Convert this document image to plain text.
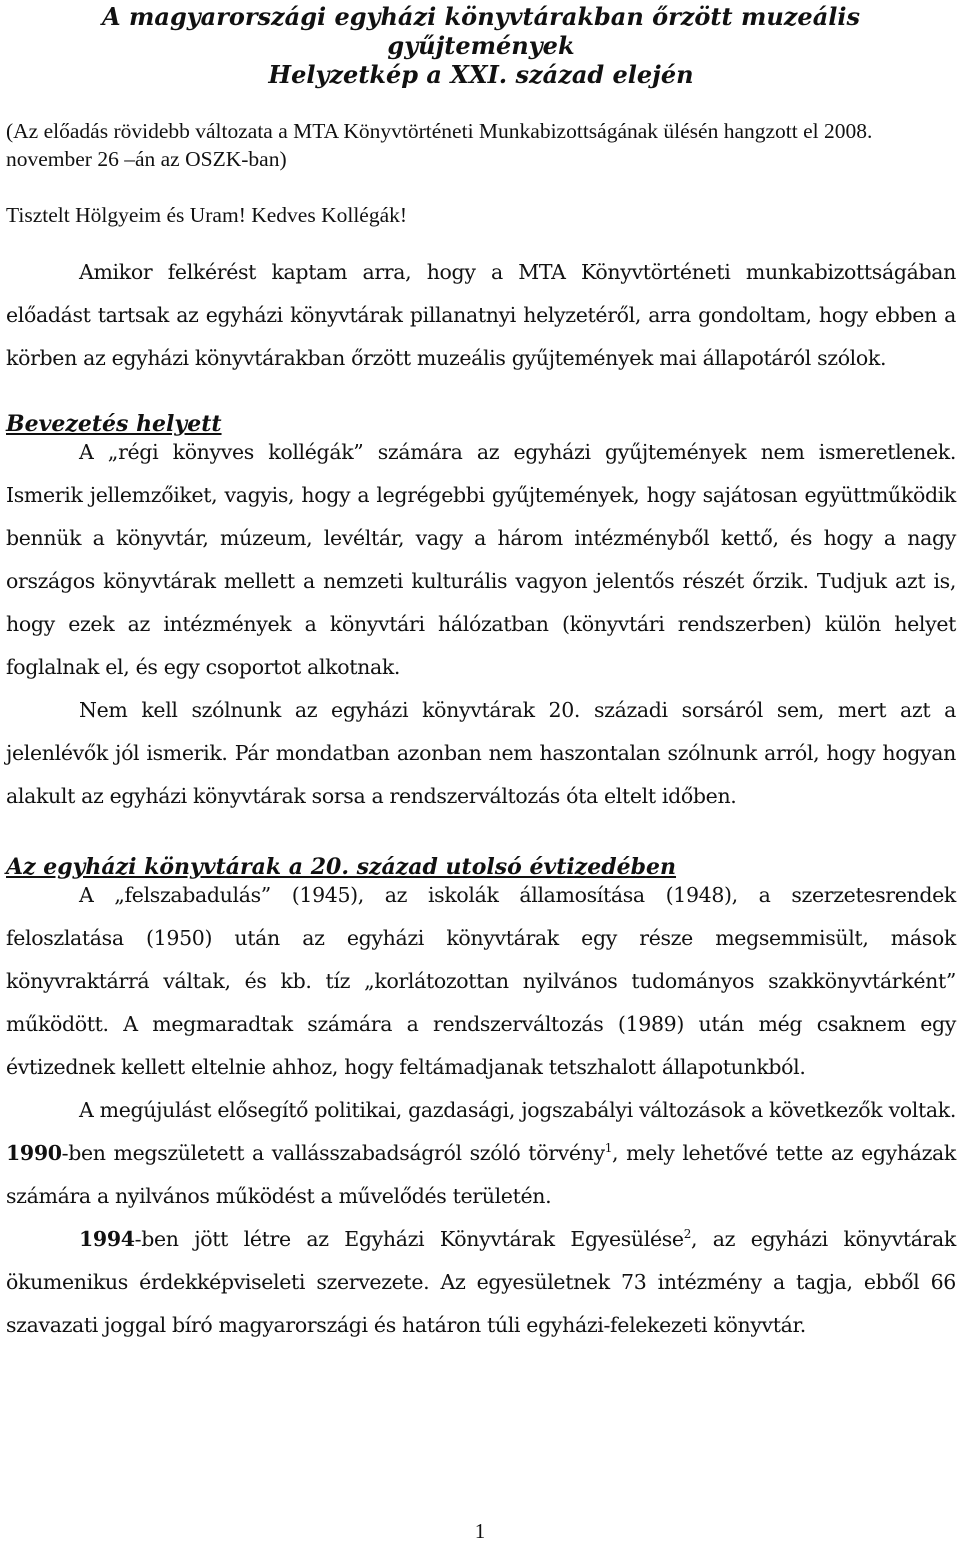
A magyarországi egyházi könyvtárakban őrzött muzeális
gyűjtemények
Helyzetkép a XXI. század elején

(Az előadás rövidebb változata a MTA Könyvtörténeti Munkabizottságának ülésén hangzott el 2008. november 26 –án az OSZK-ban)

Tisztelt Hölgyeim és Uram! Kedves Kollégák!

Amikor felkérést kaptam arra, hogy a MTA Könyvtörténeti munkabizottságában előadást tartsak az egyházi könyvtárak pillanatnyi helyzetéről, arra gondoltam, hogy ebben a körben az egyházi könyvtárakban őrzött muzeális gyűjtemények mai állapotáról szólok.

Bevezetés helyett

A „régi könyves kollégák” számára az egyházi gyűjtemények nem ismeretlenek. Ismerik jellemzőiket, vagyis, hogy a legrégebbi gyűjtemények, hogy sajátosan együttműködik bennük a könyvtár, múzeum, levéltár, vagy a három intézményből kettő, és hogy a nagy országos könyvtárak mellett a nemzeti kulturális vagyon jelentős részét őrzik. Tudjuk azt is, hogy ezek az intézmények a könyvtári hálózatban (könyvtári rendszerben) külön helyet foglalnak el, és egy csoportot alkotnak.

Nem kell szólnunk az egyházi könyvtárak 20. századi sorsáról sem, mert azt a jelenlévők jól ismerik. Pár mondatban azonban nem haszontalan szólnunk arról, hogy hogyan alakult az egyházi könyvtárak sorsa a rendszerváltozás óta eltelt időben.

Az egyházi könyvtárak a 20. század utolsó évtizedében

A „felszabadulás” (1945), az iskolák államosítása (1948), a szerzetesrendek feloszlatása (1950) után az egyházi könyvtárak egy része megsemmisült, mások könyvraktárrá váltak, és kb. tíz „korlátozottan nyilvános tudományos szakkönyvtárként” működött. A megmaradtak számára a rendszerváltozás (1989) után még csaknem egy évtizednek kellett eltelnie ahhoz, hogy feltámadjanak tetszhalott állapotunkból.

A megújulást elősegítő politikai, gazdasági, jogszabályi változások a következők voltak. 1990-ben megszületett a vallásszabadságról szóló törvény$^1$, mely lehetővé tette az egyházak számára a nyilvános működést a művelődés területén.

1994-ben jött létre az Egyházi Könyvtárak Egyesülése$^2$, az egyházi könyvtárak ökumenikus érdekképviseleti szervezete. Az egyesületnek 73 intézmény a tagja, ebből 66 szavazati joggal bíró magyarországi és határon túli egyházi-felekezeti könyvtár.

1
